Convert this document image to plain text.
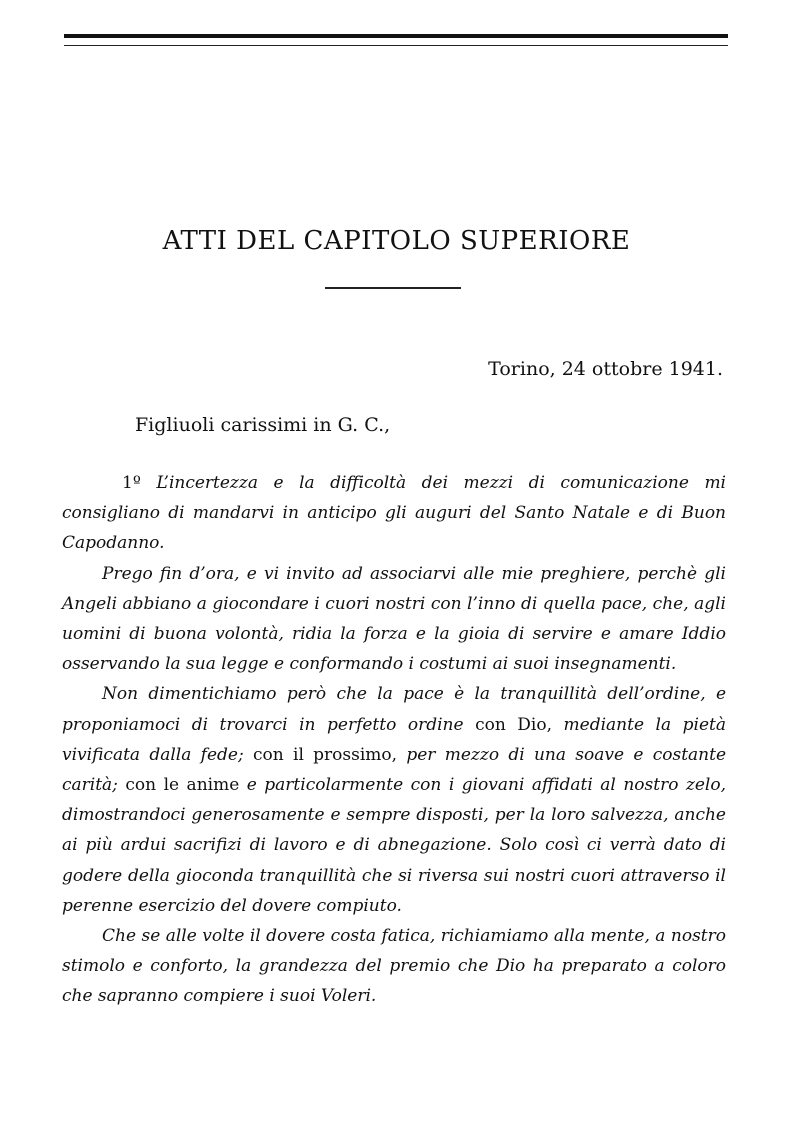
ATTI DEL CAPITOLO SUPERIORE
Torino, 24 ottobre 1941.
Figliuoli carissimi in G. C.,

1º L’incertezza e la difficoltà dei mezzi di comunicazione mi consigliano di mandarvi in anticipo gli auguri del Santo Natale e di Buon Capodanno.

Prego fin d’ora, e vi invito ad associarvi alle mie preghiere, perchè gli Angeli abbiano a giocondare i cuori nostri con l’inno di quella pace, che, agli uomini di buona volontà, ridia la forza e la gioia di servire e amare Iddio osservando la sua legge e conformando i costumi ai suoi insegnamenti.

Non dimentichiamo però che la pace è la tranquillità dell’ordine, e proponiamoci di trovarci in perfetto ordine con Dio, mediante la pietà vivificata dalla fede; con il prossimo, per mezzo di una soave e costante carità; con le anime e particolarmente con i giovani affidati al nostro zelo, dimostrandoci generosamente e sempre disposti, per la loro salvezza, anche ai più ardui sacrifizi di lavoro e di abnegazione. Solo così ci verrà dato di godere della gioconda tranquillità che si riversa sui nostri cuori attraverso il perenne esercizio del dovere compiuto.

Che se alle volte il dovere costa fatica, richiamiamo alla mente, a nostro stimolo e conforto, la grandezza del premio che Dio ha preparato a coloro che sapranno compiere i suoi Voleri.
